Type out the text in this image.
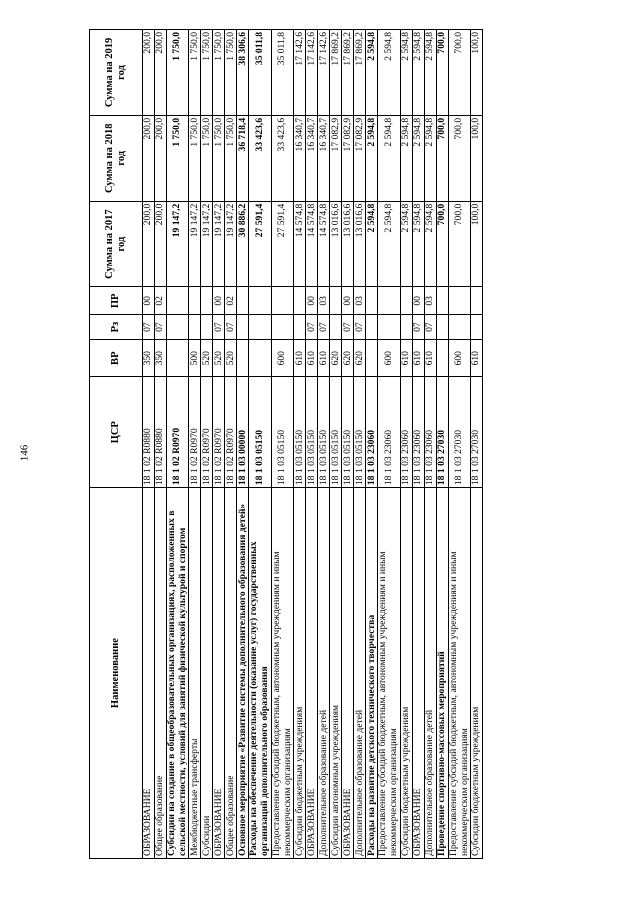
146
Наименование	ЦСР	ВР	Рз	ПР	Сумма на 2017 год	Сумма на 2018 год	Сумма на 2019 год
ОБРАЗОВАНИЕ	18 1 02 R0880	350	07	00	200,0	200,0	200,0
Общее образование	18 1 02 R0880	350	07	02	200,0	200,0	200,0
Субсидии на создание в общеобразовательных организациях, расположенных в сельской местности, условий для занятий физической культурой и спортом	18 1 02 R0970				19 147,2	1 750,0	1 750,0
Межбюджетные трансферты	18 1 02 R0970	500			19 147,2	1 750,0	1 750,0
Субсидии	18 1 02 R0970	520			19 147,2	1 750,0	1 750,0
ОБРАЗОВАНИЕ	18 1 02 R0970	520	07	00	19 147,2	1 750,0	1 750,0
Общее образование	18 1 02 R0970	520	07	02	19 147,2	1 750,0	1 750,0
Основное мероприятие «Развитие системы дополнительного образования детей»	18 1 03 00000				30 886,2	36 718,4	38 306,6
Расходы на обеспечение деятельности (оказание услуг) государственных организаций дополнительного образования	18 1 03 05150				27 591,4	33 423,6	35 011,8
Предоставление субсидий бюджетным, автономным учреждениям и иным некоммерческим организациям	18 1 03 05150	600			27 591,4	33 423,6	35 011,8
Субсидии бюджетным учреждениям	18 1 03 05150	610			14 574,8	16 340,7	17 142,6
ОБРАЗОВАНИЕ	18 1 03 05150	610	07	00	14 574,8	16 340,7	17 142,6
Дополнительное образование детей	18 1 03 05150	610	07	03	14 574,8	16 340,7	17 142,6
Субсидии автономным учреждениям	18 1 03 05150	620			13 016,6	17 082,9	17 869,2
ОБРАЗОВАНИЕ	18 1 03 05150	620	07	00	13 016,6	17 082,9	17 869,2
Дополнительное образование детей	18 1 03 05150	620	07	03	13 016,6	17 082,9	17 869,2
Расходы на развитие детского технического творчества	18 1 03 23060				2 594,8	2 594,8	2 594,8
Предоставление субсидий бюджетным, автономным учреждениям и иным некоммерческим организациям	18 1 03 23060	600			2 594,8	2 594,8	2 594,8
Субсидии бюджетным учреждениям	18 1 03 23060	610			2 594,8	2 594,8	2 594,8
ОБРАЗОВАНИЕ	18 1 03 23060	610	07	00	2 594,8	2 594,8	2 594,8
Дополнительное образование детей	18 1 03 23060	610	07	03	2 594,8	2 594,8	2 594,8
Проведение спортивно-массовых мероприятий	18 1 03 27030				700,0	700,0	700,0
Предоставление субсидий бюджетным, автономным учреждениям и иным некоммерческим организациям	18 1 03 27030	600			700,0	700,0	700,0
Субсидии бюджетным учреждениям	18 1 03 27030	610			100,0	100,0	100,0
